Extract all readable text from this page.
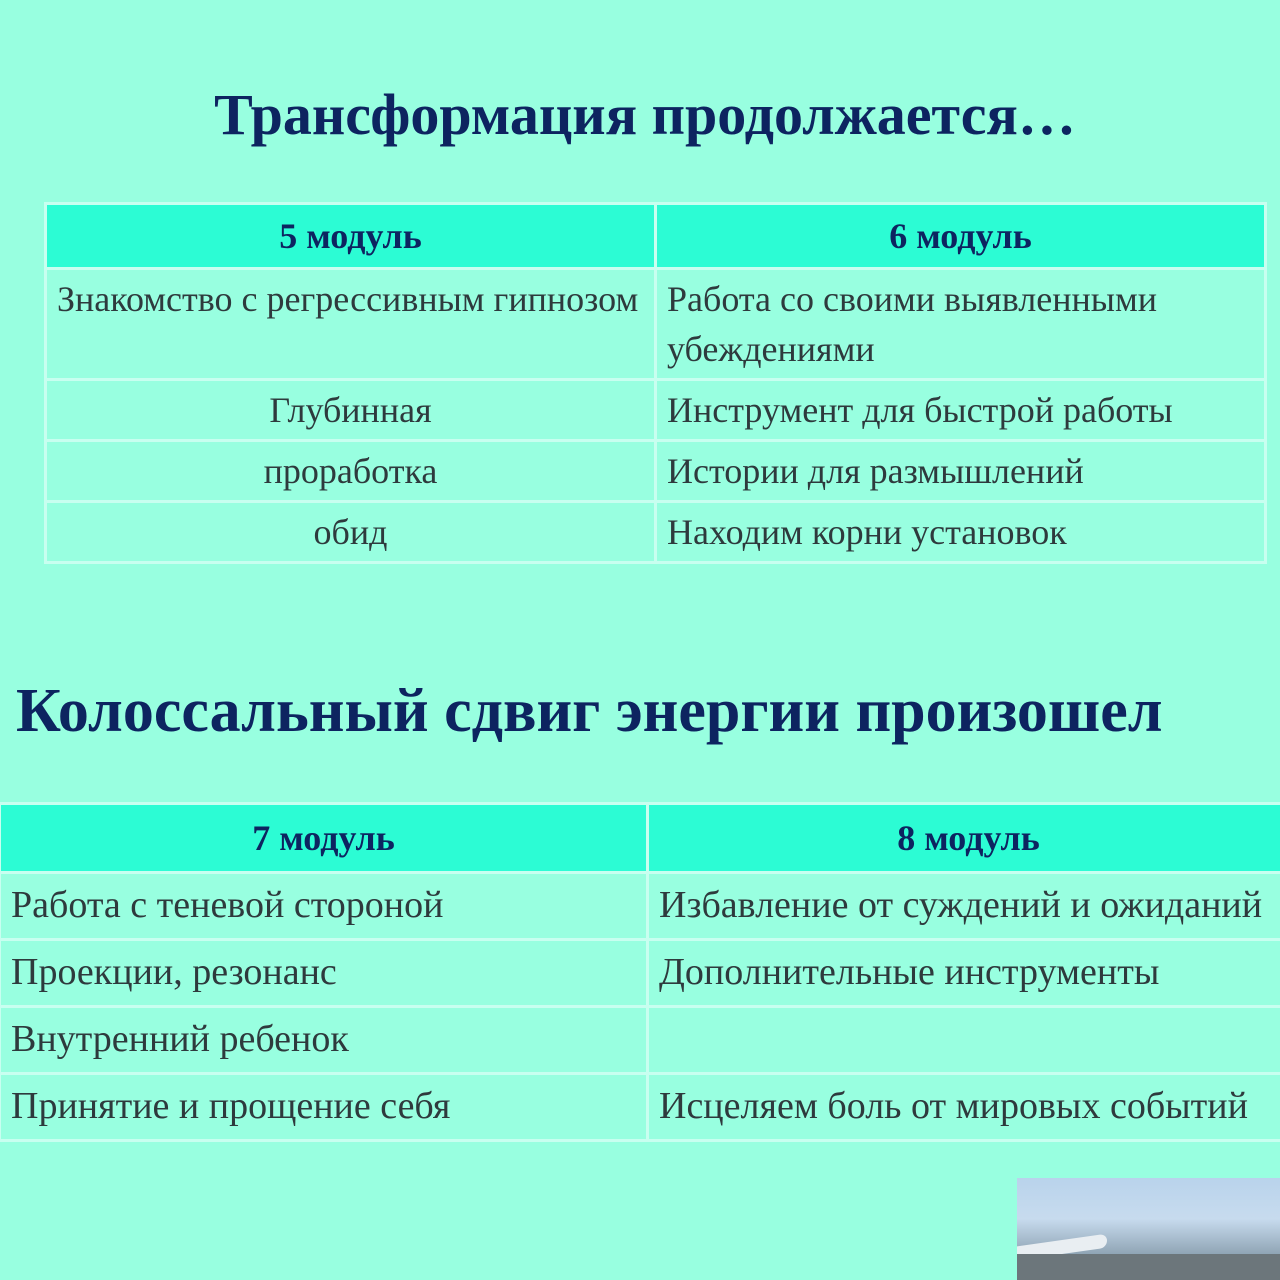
Трансформация продолжается…
5 модуль	6 модуль
Знакомство с регрессивным гипнозом	Работа со своими выявленными убеждениями
Глубинная	Инструмент для быстрой работы
проработка	Истории для размышлений
обид	Находим корни установок
Колоссальный сдвиг энергии произошел
7 модуль	8 модуль
Работа с теневой стороной	Избавление от суждений и ожиданий
Проекции, резонанс	Дополнительные инструменты
Внутренний ребенок	
Принятие и прощение себя	Исцеляем боль от мировых событий
